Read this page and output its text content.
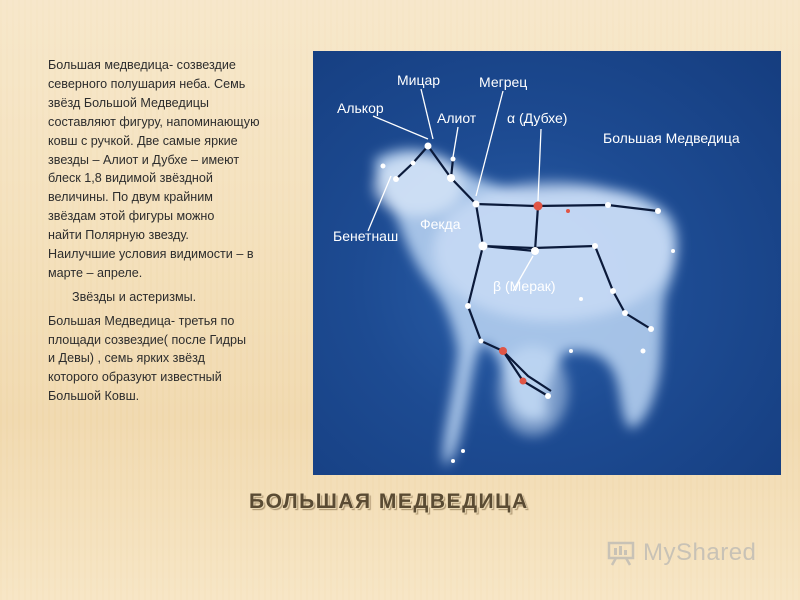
Большая медведица- созвездие
северного полушария неба. Семь
звёзд Большой Медведицы
составляют фигуру, напоминающую
ковш с ручкой. Две самые яркие
звезды – Алиот и Дубхе – имеют
блеск 1,8 видимой звёздной
величины. По двум крайним
звёздам этой фигуры можно
найти Полярную звезду.
Наилучшие условия видимости – в
марте – апреле.

Звёзды и астеризмы.

Большая Медведица- третья по
площади созвездие( после Гидры
и Девы) , семь ярких звёзд
которого образуют известный
Большой Ковш.

Алькор
Мицар	Мегрец
Алиот α (Дубхе)
Большая Медведица
Бенетнаш
Фекда
β (Мерак)
БОЛЬШАЯ МЕДВЕДИЦА
MyShared
